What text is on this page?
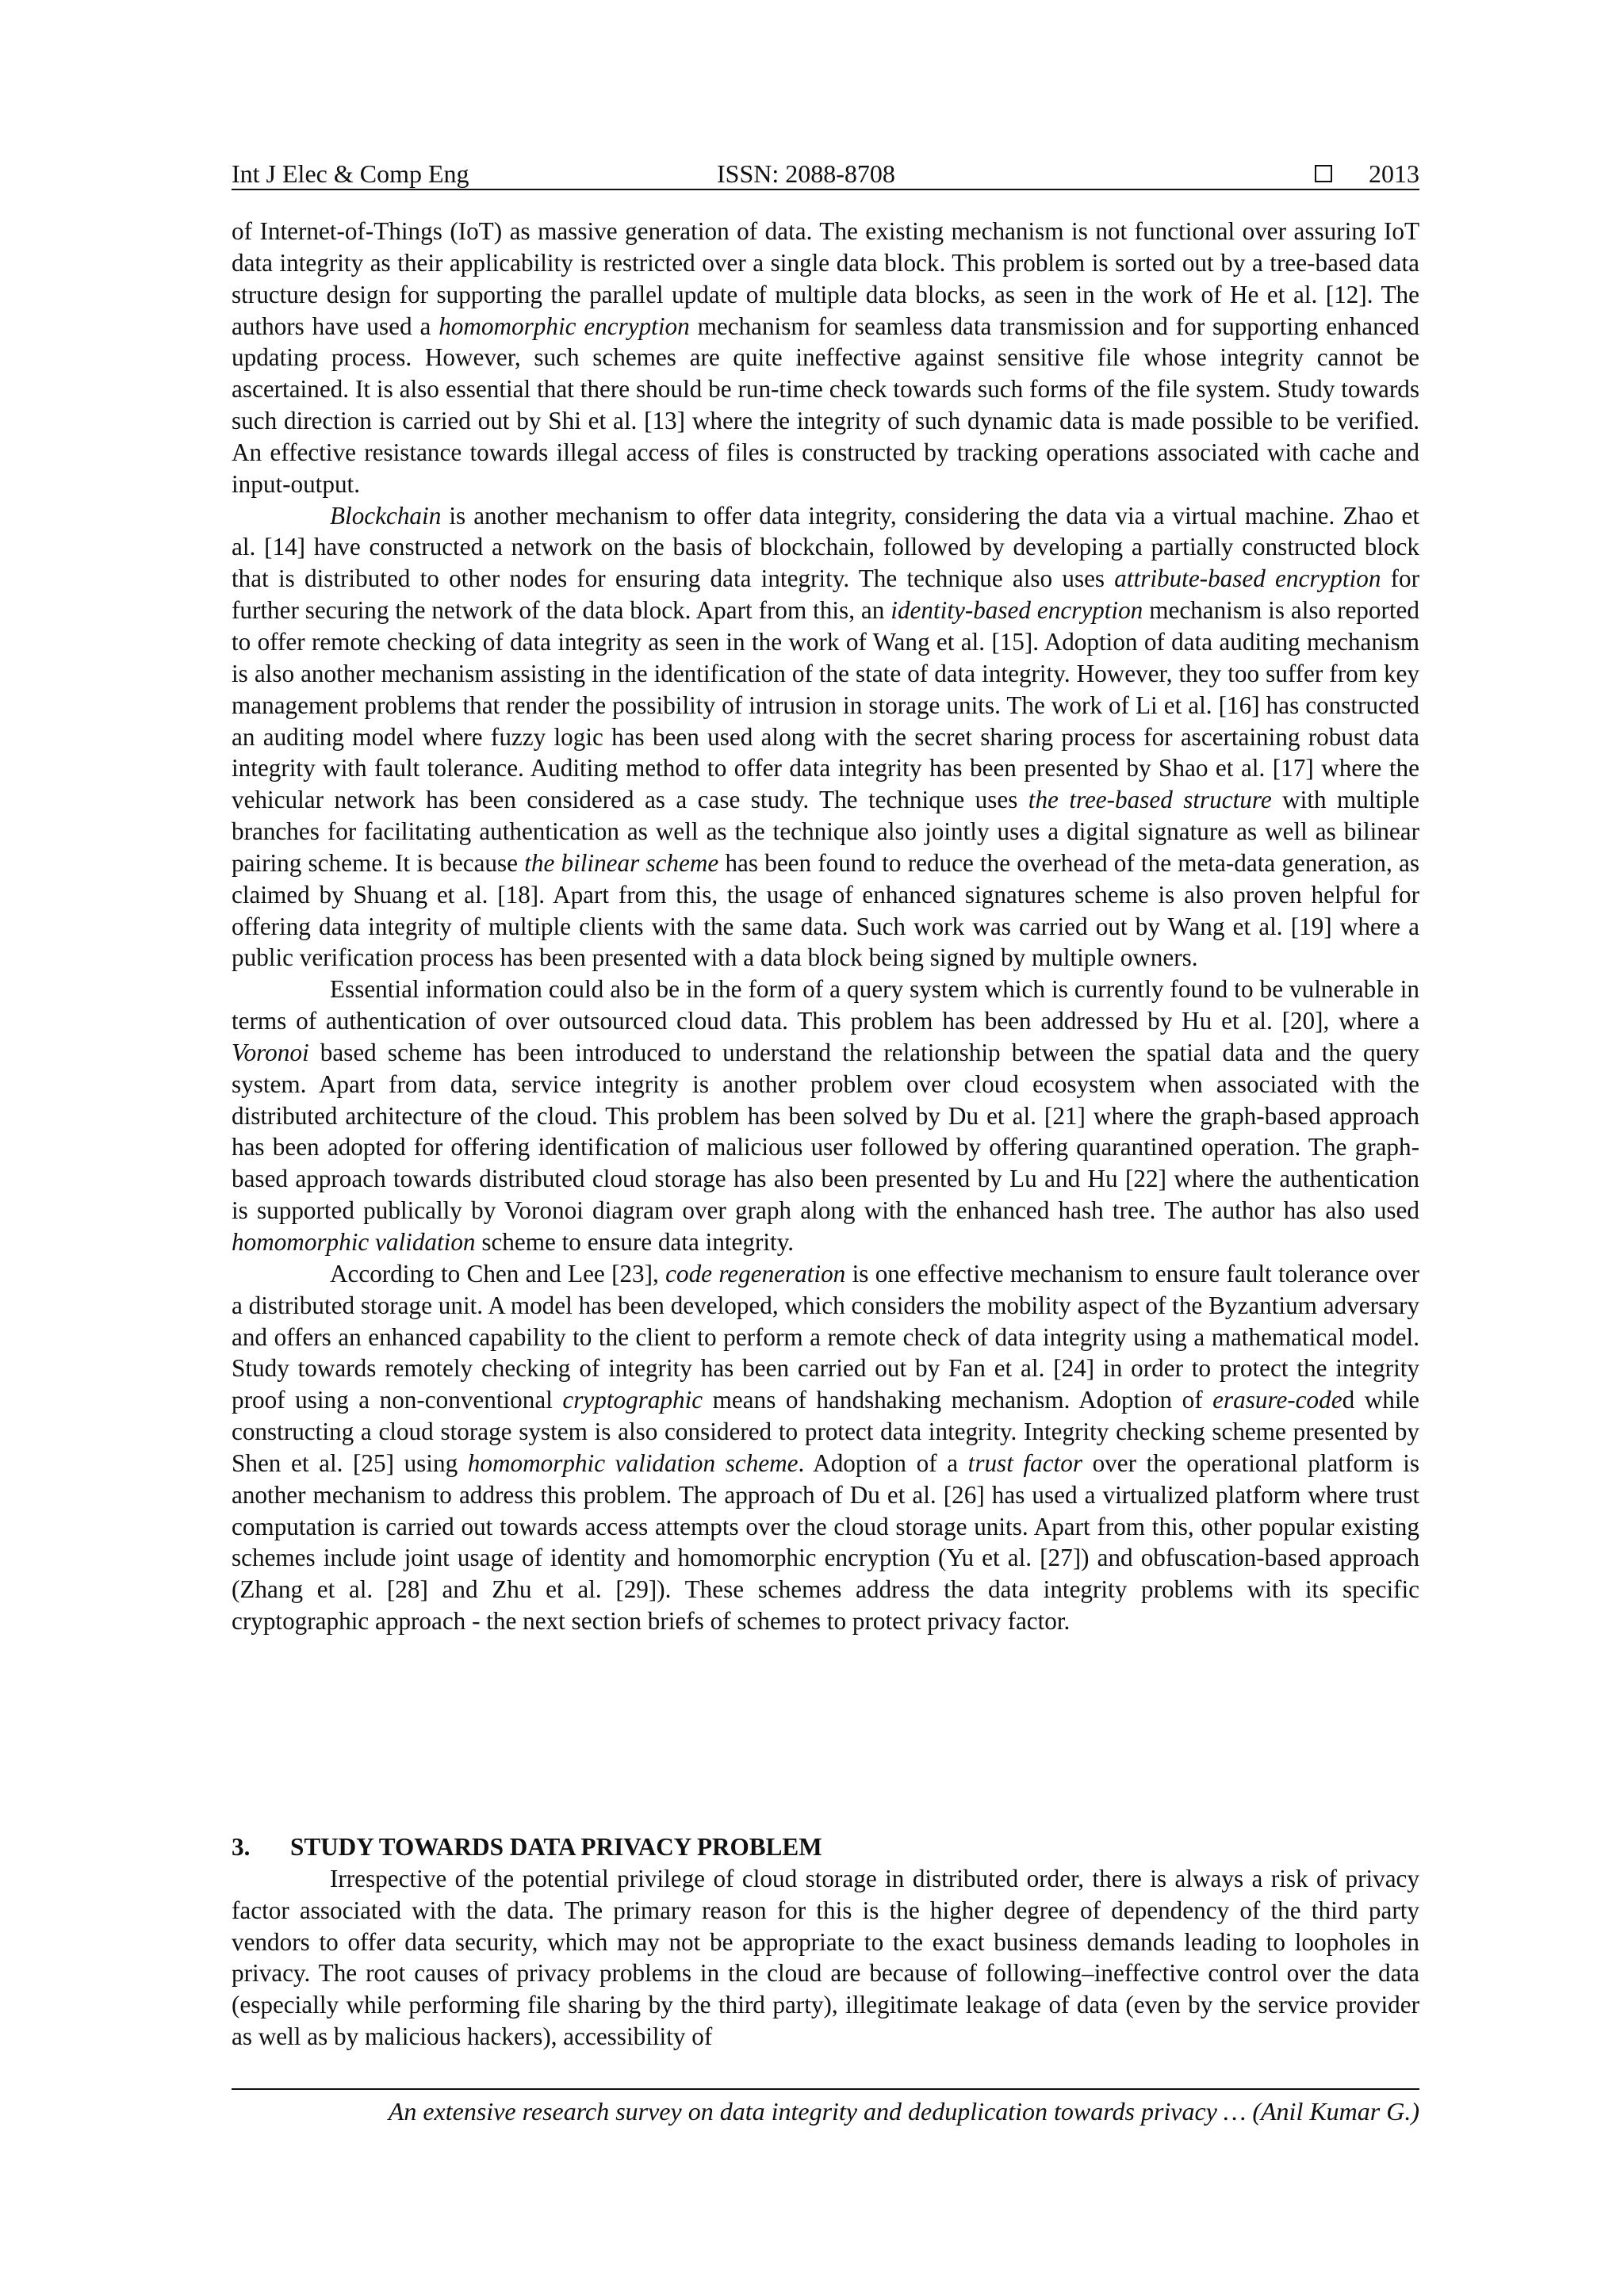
Int J Elec & Comp Eng	ISSN: 2088-8708	2013

of Internet-of-Things (IoT) as massive generation of data. The existing mechanism is not functional over assuring IoT data integrity as their applicability is restricted over a single data block. This problem is sorted out by a tree-based data structure design for supporting the parallel update of multiple data blocks, as seen in the work of He et al. [12]. The authors have used a homomorphic encryption mechanism for seamless data transmission and for supporting enhanced updating process. However, such schemes are quite ineffective against sensitive file whose integrity cannot be ascertained. It is also essential that there should be run-time check towards such forms of the file system. Study towards such direction is carried out by Shi et al. [13] where the integrity of such dynamic data is made possible to be verified. An effective resistance towards illegal access of files is constructed by tracking operations associated with cache and input-output.

Blockchain is another mechanism to offer data integrity, considering the data via a virtual machine. Zhao et al. [14] have constructed a network on the basis of blockchain, followed by developing a partially constructed block that is distributed to other nodes for ensuring data integrity. The technique also uses attribute-based encryption for further securing the network of the data block. Apart from this, an identity-based encryption mechanism is also reported to offer remote checking of data integrity as seen in the work of Wang et al. [15]. Adoption of data auditing mechanism is also another mechanism assisting in the identification of the state of data integrity. However, they too suffer from key management problems that render the possibility of intrusion in storage units. The work of Li et al. [16] has constructed an auditing model where fuzzy logic has been used along with the secret sharing process for ascertaining robust data integrity with fault tolerance. Auditing method to offer data integrity has been presented by Shao et al. [17] where the vehicular network has been considered as a case study. The technique uses the tree-based structure with multiple branches for facilitating authentication as well as the technique also jointly uses a digital signature as well as bilinear pairing scheme. It is because the bilinear scheme has been found to reduce the overhead of the meta-data generation, as claimed by Shuang et al. [18]. Apart from this, the usage of enhanced signatures scheme is also proven helpful for offering data integrity of multiple clients with the same data. Such work was carried out by Wang et al. [19] where a public verification process has been presented with a data block being signed by multiple owners.

Essential information could also be in the form of a query system which is currently found to be vulnerable in terms of authentication of over outsourced cloud data. This problem has been addressed by Hu et al. [20], where a Voronoi based scheme has been introduced to understand the relationship between the spatial data and the query system. Apart from data, service integrity is another problem over cloud ecosystem when associated with the distributed architecture of the cloud. This problem has been solved by Du et al. [21] where the graph-based approach has been adopted for offering identification of malicious user followed by offering quarantined operation. The graph-based approach towards distributed cloud storage has also been presented by Lu and Hu [22] where the authentication is supported publically by Voronoi diagram over graph along with the enhanced hash tree. The author has also used homomorphic validation scheme to ensure data integrity.

According to Chen and Lee [23], code regeneration is one effective mechanism to ensure fault tolerance over a distributed storage unit. A model has been developed, which considers the mobility aspect of the Byzantium adversary and offers an enhanced capability to the client to perform a remote check of data integrity using a mathematical model. Study towards remotely checking of integrity has been carried out by Fan et al. [24] in order to protect the integrity proof using a non-conventional cryptographic means of handshaking mechanism. Adoption of erasure-coded while constructing a cloud storage system is also considered to protect data integrity. Integrity checking scheme presented by Shen et al. [25] using homomorphic validation scheme. Adoption of a trust factor over the operational platform is another mechanism to address this problem. The approach of Du et al. [26] has used a virtualized platform where trust computation is carried out towards access attempts over the cloud storage units. Apart from this, other popular existing schemes include joint usage of identity and homomorphic encryption (Yu et al. [27]) and obfuscation-based approach (Zhang et al. [28] and Zhu et al. [29]). These schemes address the data integrity problems with its specific cryptographic approach - the next section briefs of schemes to protect privacy factor.

3.	STUDY TOWARDS DATA PRIVACY PROBLEM

Irrespective of the potential privilege of cloud storage in distributed order, there is always a risk of privacy factor associated with the data. The primary reason for this is the higher degree of dependency of the third party vendors to offer data security, which may not be appropriate to the exact business demands leading to loopholes in privacy. The root causes of privacy problems in the cloud are because of following–ineffective control over the data (especially while performing file sharing by the third party), illegitimate leakage of data (even by the service provider as well as by malicious hackers), accessibility of

An extensive research survey on data integrity and deduplication towards privacy … (Anil Kumar G.)
